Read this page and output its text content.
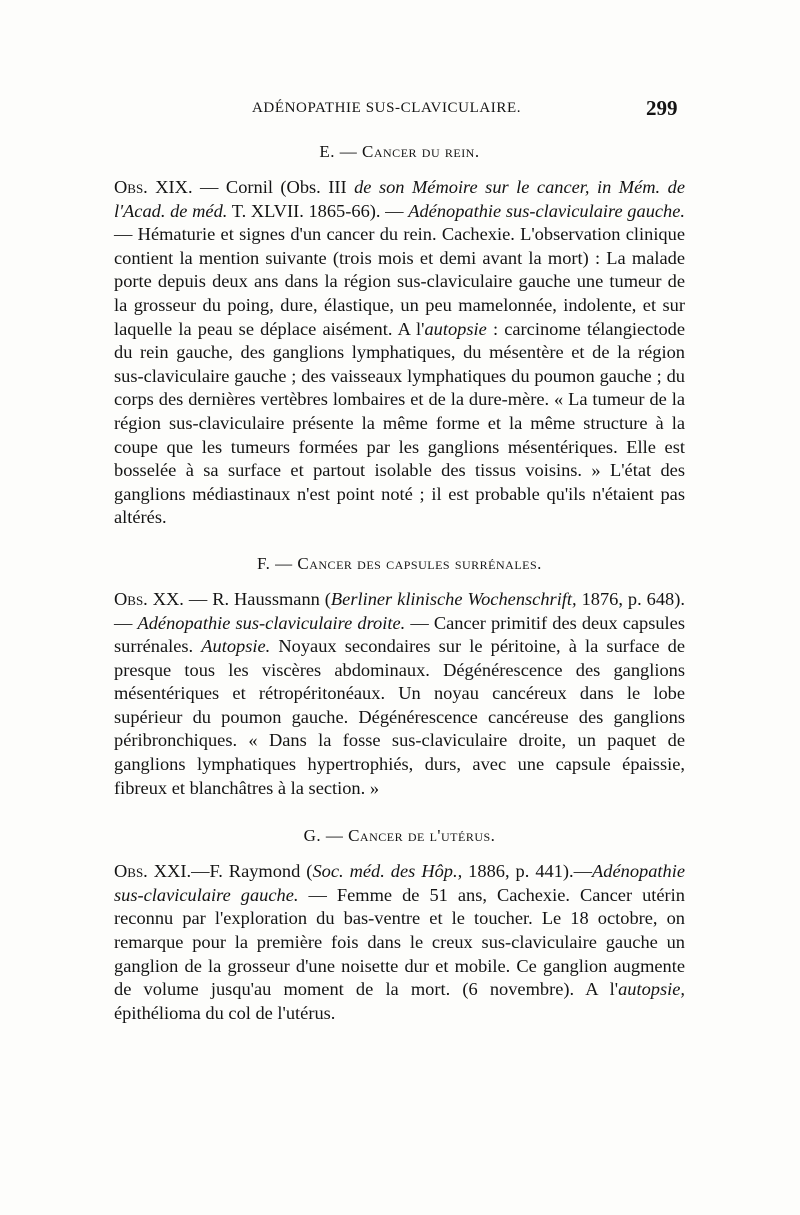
ADÉNOPATHIE SUS-CLAVICULAIRE.	299
E. — Cancer du rein.

Obs. XIX. — Cornil (Obs. III de son Mémoire sur le cancer, in Mém. de l'Acad. de méd. T. XLVII. 1865-66). — Adénopathie sus-claviculaire gauche. — Hématurie et signes d'un cancer du rein. Cachexie. L'observation clinique contient la mention suivante (trois mois et demi avant la mort) : La malade porte depuis deux ans dans la région sus-claviculaire gauche une tumeur de la grosseur du poing, dure, élastique, un peu mamelonnée, indolente, et sur laquelle la peau se déplace aisément. A l'autopsie : carcinome télangiectode du rein gauche, des ganglions lymphatiques, du mésentère et de la région sus-claviculaire gauche ; des vaisseaux lymphatiques du poumon gauche ; du corps des dernières vertèbres lombaires et de la dure-mère. « La tumeur de la région sus-claviculaire présente la même forme et la même structure à la coupe que les tumeurs formées par les ganglions mésentériques. Elle est bosselée à sa surface et partout isolable des tissus voisins. » L'état des ganglions médiastinaux n'est point noté ; il est probable qu'ils n'étaient pas altérés.

F. — Cancer des capsules surrénales.

Obs. XX. — R. Haussmann (Berliner klinische Wochenschrift, 1876, p. 648). — Adénopathie sus-claviculaire droite. — Cancer primitif des deux capsules surrénales. Autopsie. Noyaux secondaires sur le péritoine, à la surface de presque tous les viscères abdominaux. Dégénérescence des ganglions mésentériques et rétropéritonéaux. Un noyau cancéreux dans le lobe supérieur du poumon gauche. Dégénérescence cancéreuse des ganglions péribronchiques. « Dans la fosse sus-claviculaire droite, un paquet de ganglions lymphatiques hypertrophiés, durs, avec une capsule épaissie, fibreux et blanchâtres à la section. »

G. — Cancer de l'utérus.

Obs. XXI.—F. Raymond (Soc. méd. des Hôp., 1886, p. 441).—Adénopathie sus-claviculaire gauche. — Femme de 51 ans, Cachexie. Cancer utérin reconnu par l'exploration du bas-ventre et le toucher. Le 18 octobre, on remarque pour la première fois dans le creux sus-claviculaire gauche un ganglion de la grosseur d'une noisette dur et mobile. Ce ganglion augmente de volume jusqu'au moment de la mort. (6 novembre). A l'autopsie, épithélioma du col de l'utérus.
